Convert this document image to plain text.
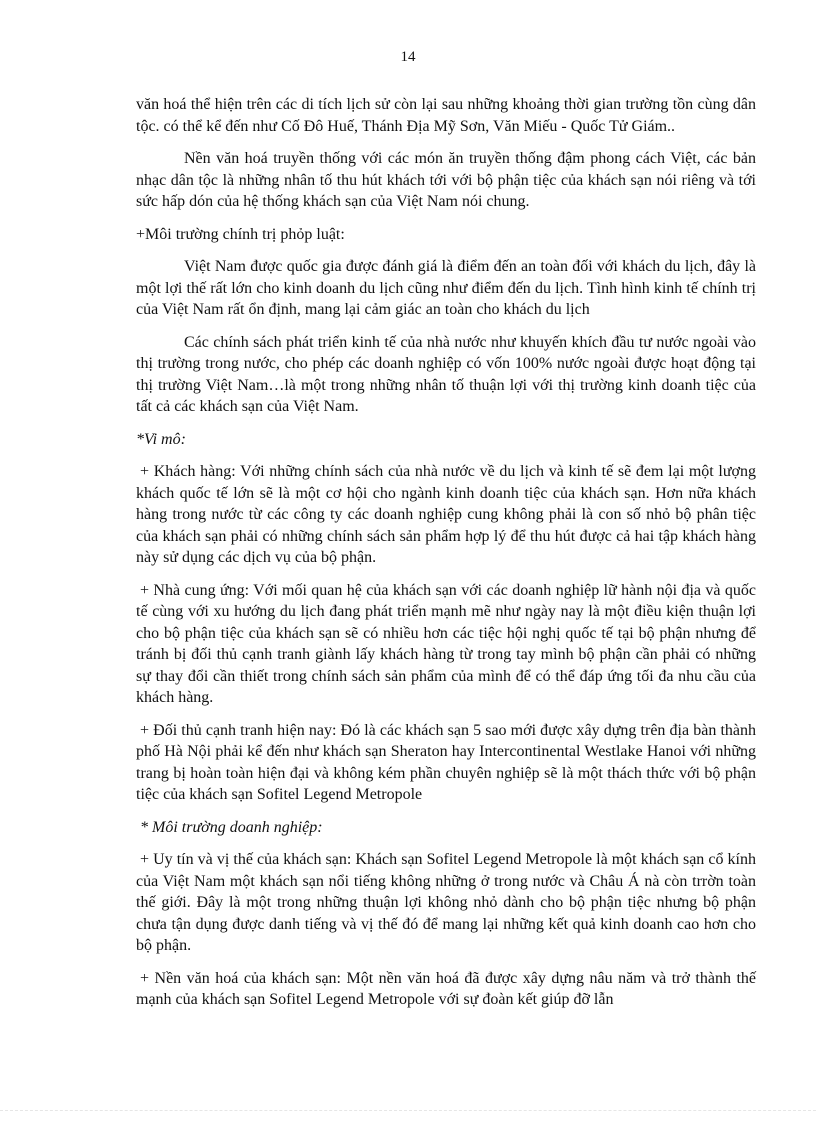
14

văn hoá thể hiện trên các di tích lịch sử còn lại sau những khoảng thời gian trường tồn cùng dân tộc. có thể kể đến như Cố Đô Huế, Thánh Địa Mỹ Sơn, Văn Miếu - Quốc Tử Giám..

Nền văn hoá truyền thống với các món ăn truyền thống đậm phong cách Việt, các bản nhạc dân tộc là những nhân tố thu hút khách tới với bộ phận tiệc của khách sạn nói riêng và tới sức hấp dón của hệ thống khách sạn của Việt Nam nói chung.

+Môi trường chính trị phỏp luật:

Việt Nam được quốc gia được đánh giá là điểm đến an toàn đối với khách du lịch, đây là một lợi thế rất lớn cho kinh doanh du lịch cũng như điểm đến du lịch. Tình hình kinh tế chính trị của Việt Nam rất ổn định, mang lại cảm giác an toàn cho khách du lịch

Các chính sách phát triển kinh tế của nhà nước như khuyến khích đầu tư nước ngoài vào thị trường trong nước, cho phép các doanh nghiệp có vốn 100% nước ngoài được hoạt động tại thị trường Việt Nam…là một trong những nhân tố thuận lợi với thị trường kinh doanh tiệc của tất cả các khách sạn của Việt Nam.

*Vi mô:

+ Khách hàng: Với những chính sách của nhà nước về du lịch và kinh tế sẽ đem lại một lượng khách quốc tế lớn sẽ là một cơ hội cho ngành kinh doanh tiệc của khách sạn. Hơn nữa khách hàng trong nước từ các công ty các doanh nghiệp cung không phải là con số nhỏ bộ phân tiệc của khách sạn phải có những chính sách sản phẩm hợp lý để thu hút được cả hai tập khách hàng này sử dụng các dịch vụ của bộ phận.

+ Nhà cung ứng: Với mối quan hệ của khách sạn với các doanh nghiệp lữ hành nội địa và quốc tế cùng với xu hướng du lịch đang phát triển mạnh mẽ như ngày nay là một điều kiện thuận lợi cho bộ phận tiệc của khách sạn sẽ có nhiều hơn các tiệc hội nghị quốc tế tại bộ phận nhưng để tránh bị đối thủ cạnh tranh giành lấy khách hàng từ trong tay mình bộ phận cần phải có những sự thay đổi cần thiết trong chính sách sản phẩm của mình để có thể đáp ứng tối đa nhu cầu của khách hàng.

+ Đối thủ cạnh tranh hiện nay: Đó là các khách sạn 5 sao mới được xây dựng trên địa bàn thành phố Hà Nội phải kể đến như khách sạn Sheraton hay Intercontinental Westlake Hanoi với những trang bị hoàn toàn hiện đại và không kém phần chuyên nghiệp sẽ là một thách thức với bộ phận tiệc của khách sạn Sofitel Legend Metropole

* Môi trường doanh nghiệp:

+ Uy tín và vị thế của khách sạn: Khách sạn Sofitel Legend Metropole là một khách sạn cổ kính của Việt Nam một khách sạn nổi tiếng không những ở trong nước và Châu Á nà còn trrờn toàn thế giới. Đây là một trong những thuận lợi không nhỏ dành cho bộ phận tiệc nhưng bộ phận chưa tận dụng được danh tiếng và vị thế đó để mang lại những kết quả kinh doanh cao hơn cho bộ phận.

+ Nền văn hoá của khách sạn: Một nền văn hoá đã được xây dựng nâu năm và trở thành thế mạnh của khách sạn Sofitel Legend Metropole với sự đoàn kết giúp đỡ lẫn
